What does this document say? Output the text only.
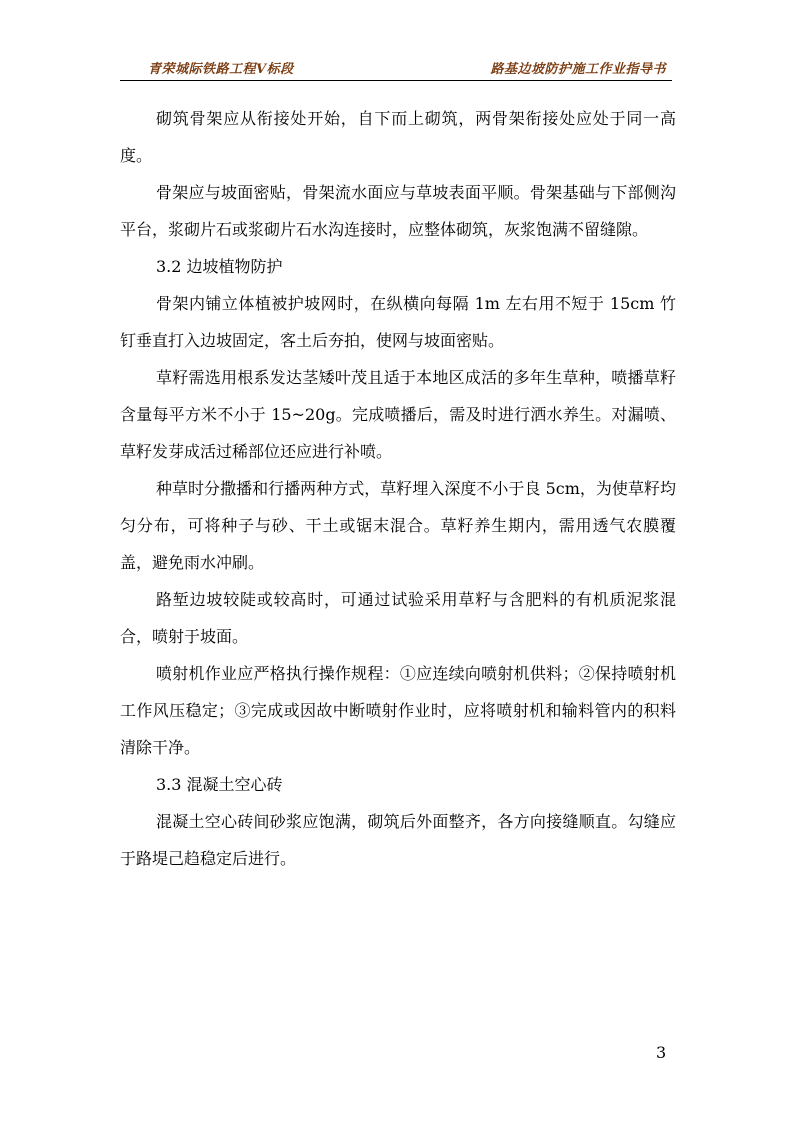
青荣城际铁路工程Ⅴ标段	路基边坡防护施工作业指导书

砌筑骨架应从衔接处开始，自下而上砌筑，两骨架衔接处应处于同一高度。

骨架应与坡面密贴，骨架流水面应与草坡表面平顺。骨架基础与下部侧沟平台，浆砌片石或浆砌片石水沟连接时，应整体砌筑，灰浆饱满不留缝隙。

3.2 边坡植物防护

骨架内铺立体植被护坡网时，在纵横向每隔 1m 左右用不短于 15cm 竹钉垂直打入边坡固定，客土后夯拍，使网与坡面密贴。

草籽需选用根系发达茎矮叶茂且适于本地区成活的多年生草种，喷播草籽含量每平方米不小于 15~20g。完成喷播后，需及时进行洒水养生。对漏喷、草籽发芽成活过稀部位还应进行补喷。

种草时分撒播和行播两种方式，草籽埋入深度不小于良 5cm，为使草籽均匀分布，可将种子与砂、干土或锯末混合。草籽养生期内，需用透气农膜覆盖，避免雨水冲刷。

路堑边坡较陡或较高时，可通过试验采用草籽与含肥料的有机质泥浆混合，喷射于坡面。

喷射机作业应严格执行操作规程：①应连续向喷射机供料；②保持喷射机工作风压稳定；③完成或因故中断喷射作业时，应将喷射机和输料管内的积料清除干净。

3.3 混凝土空心砖

混凝土空心砖间砂浆应饱满，砌筑后外面整齐，各方向接缝顺直。勾缝应于路堤己趋稳定后进行。

3
